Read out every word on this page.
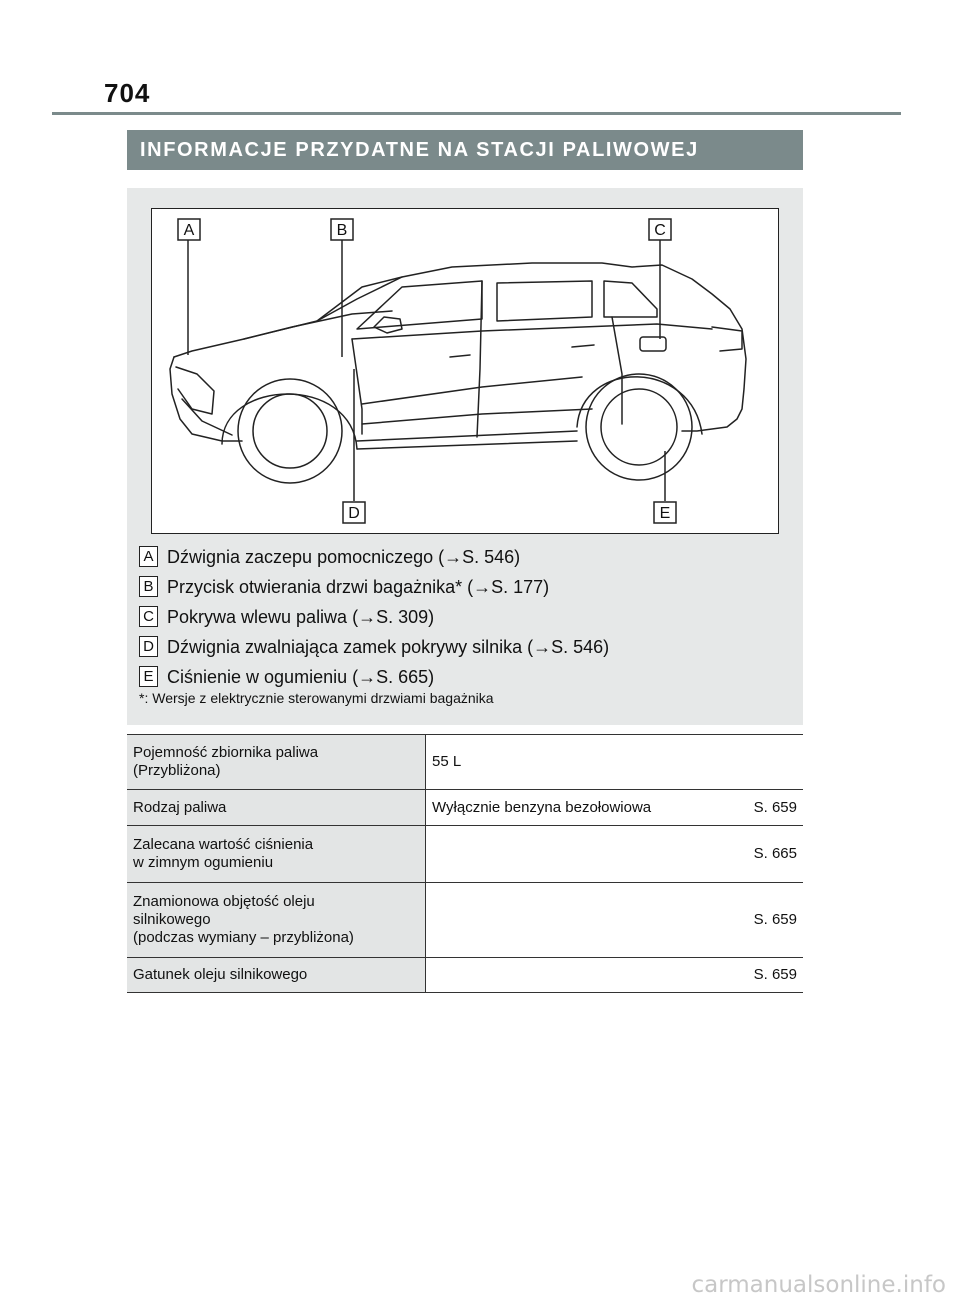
704
INFORMACJE PRZYDATNE NA STACJI PALIWOWEJ
A	B	C
D	E
A Dźwignia zaczepu pomocniczego (→S. 546)
B Przycisk otwierania drzwi bagażnika* (→S. 177)
C Pokrywa wlewu paliwa (→S. 309)
D Dźwignia zwalniająca zamek pokrywy silnika (→S. 546)
E Ciśnienie w ogumieniu (→S. 665)
*: Wersje z elektrycznie sterowanymi drzwiami bagażnika
Pojemność zbiornika paliwa
(Przybliżona)	55 L

Rodzaj paliwa	Wyłącznie benzyna bezołowiowa S. 659

Zalecana wartość ciśnienia
w zimnym ogumieniu	S. 665

Znamionowa objętość oleju
silnikowego
(podczas wymiany – przybliżona)	S. 659

Gatunek oleju silnikowego	S. 659
carmanualsonline.info
